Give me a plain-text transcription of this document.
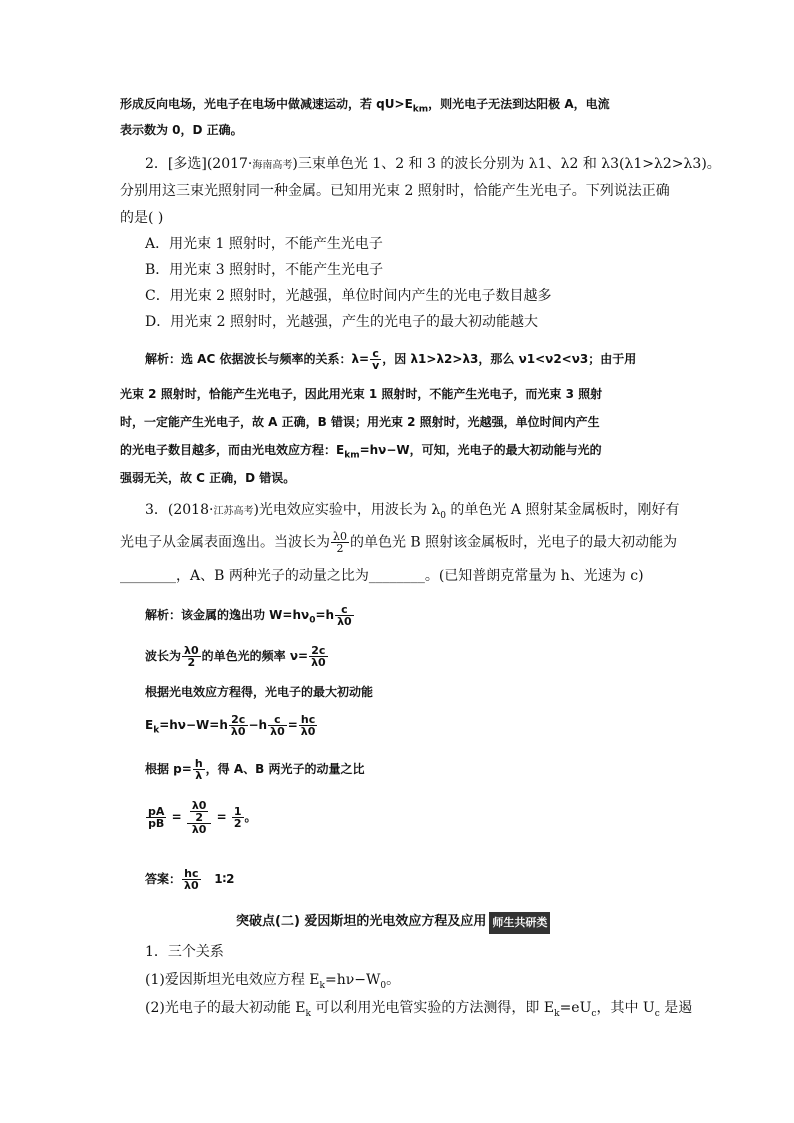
形成反向电场，光电子在电场中做减速运动，若 $qU>E_{km}$，则光电子无法到达阳极 A，电流
表示数为 0，D 正确。
2．[多选](2017·海南高考)三束单色光 1、2 和 3 的波长分别为 λ1、λ2 和 λ3(λ1>λ2>λ3)。
分别用这三束光照射同一种金属。已知用光束 2 照射时，恰能产生光电子。下列说法正确
的是( )
A．用光束 1 照射时，不能产生光电子
B．用光束 3 照射时，不能产生光电子
C．用光束 2 照射时，光越强，单位时间内产生的光电子数目越多
D．用光束 2 照射时，光越强，产生的光电子的最大初动能越大
解析：选 AC 依据波长与频率的关系：$\lambda= \frac{c}{v}$ ，因 λ1>λ2>λ3，那么 ν1<ν2<ν3；由于用
光束 2 照射时，恰能产生光电子，因此用光束 1 照射时，不能产生光电子，而光束 3 照射
时，一定能产生光电子，故 A 正确，B 错误；用光束 2 照射时，光越强，单位时间内产生
的光电子数目越多，而由光电效应方程：$E_{km}=h\nu-W$，可知，光电子的最大初动能与光的
强弱无关，故 C 正确，D 错误。
3．(2018·江苏高考)光电效应实验中，用波长为 $\lambda_0$ 的单色光 A 照射某金属板时，刚好有
光电子从金属表面逸出。当波长为 $\frac{\lambda 0}{2}$ 的单色光 B 照射该金属板时，光电子的最大初动能为
________，A、B 两种光子的动量之比为________。(已知普朗克常量为 h、光速为 c)
解析：该金属的逸出功 $W=h\nu_0=h \frac{c}{\lambda 0}$
波长为 $\frac{\lambda 0}{2}$ 的单色光的频率 $\nu= \frac{2c}{\lambda 0}$
根据光电效应方程得，光电子的最大初动能
$E_k=h\nu-W=h \frac{2c}{\lambda 0} -h \frac{c}{\lambda 0} = \frac{hc}{\lambda 0}$
根据 $p= \frac{h}{\lambda}$ ，得 A、B 两光子的动量之比
$\frac{pA}{pB} = \frac{\frac{\lambda 0}{2}}{\lambda 0} = \frac{1}{2}$ 。
答案： $\frac{hc}{\lambda 0}$ 1∶2
突破点(二) 爱因斯坦的光电效应方程及应用 师生共研类
1．三个关系
(1)爱因斯坦光电效应方程 $E_k=h\nu-W_0$。
(2)光电子的最大初动能 $E_k$ 可以利用光电管实验的方法测得，即 $E_k=eU_c$，其中 $U_c$ 是遏
